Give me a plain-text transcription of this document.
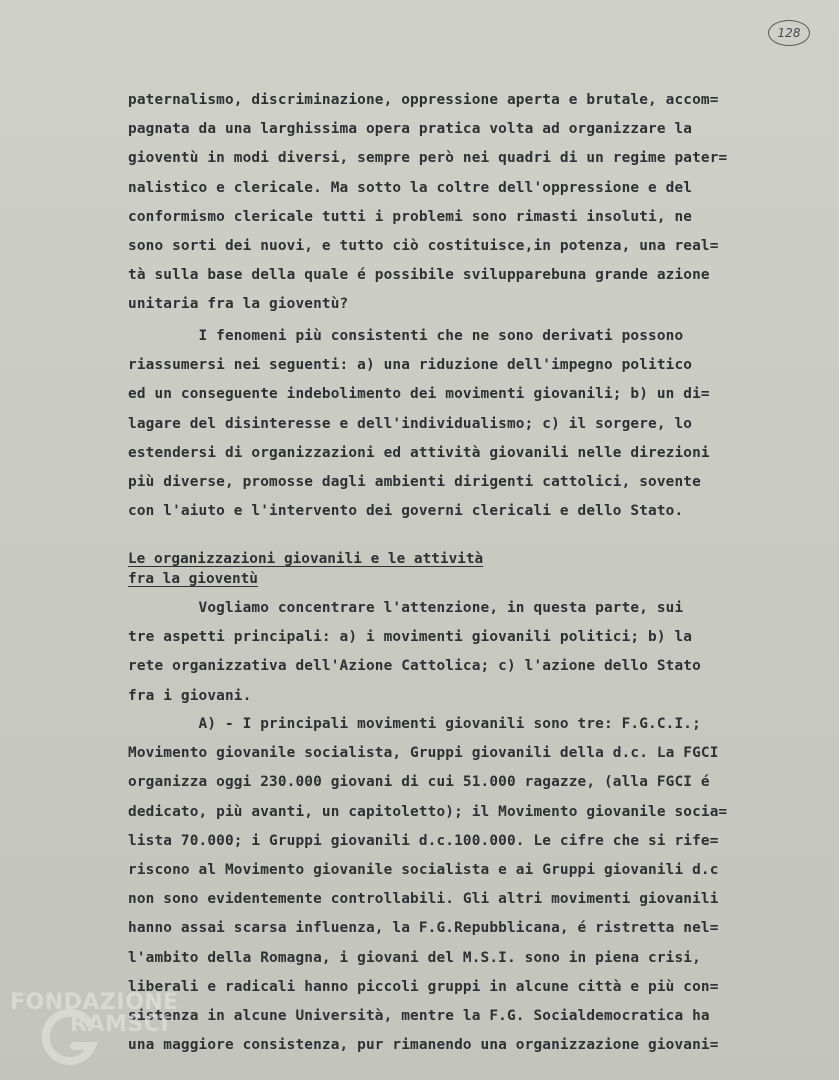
128
paternalismo, discriminazione, oppressione aperta e brutale, accom=
pagnata da una larghissima opera pratica volta ad organizzare la
gioventù in modi diversi, sempre però nei quadri di un regime pater=
nalistico e clericale. Ma sotto la coltre dell'oppressione e del
conformismo clericale tutti i problemi sono rimasti insoluti, ne
sono sorti dei nuovi, e tutto ciò costituisce,in potenza, una real=
tà sulla base della quale é possibile svilupparebuna grande azione
unitaria fra la gioventù?
I fenomeni più consistenti che ne sono derivati possono
riassumersi nei seguenti: a) una riduzione dell'impegno politico
ed un conseguente indebolimento dei movimenti giovanili; b) un di=
lagare del disinteresse e dell'individualismo; c) il sorgere, lo
estendersi di organizzazioni ed attività giovanili nelle direzioni
più diverse, promosse dagli ambienti dirigenti cattolici, sovente
con l'aiuto e l'intervento dei governi clericali e dello Stato.
Le organizzazioni giovanili e le attività
fra la gioventù
Vogliamo concentrare l'attenzione, in questa parte, sui
tre aspetti principali: a) i movimenti giovanili politici; b) la
rete organizzativa dell'Azione Cattolica; c) l'azione dello Stato
fra i giovani.
A) - I principali movimenti giovanili sono tre: F.G.C.I.;
Movimento giovanile socialista, Gruppi giovanili della d.c. La FGCI
organizza oggi 230.000 giovani di cui 51.000 ragazze, (alla FGCI é
dedicato, più avanti, un capitoletto); il Movimento giovanile socia=
lista 70.000; i Gruppi giovanili d.c.100.000. Le cifre che si rife=
riscono al Movimento giovanile socialista e ai Gruppi giovanili d.c
non sono evidentemente controllabili. Gli altri movimenti giovanili
hanno assai scarsa influenza, la F.G.Repubblicana, é ristretta nel=
l'ambito della Romagna, i giovani del M.S.I. sono in piena crisi,
liberali e radicali hanno piccoli gruppi in alcune città e più con=
sistenza in alcune Università, mentre la F.G. Socialdemocratica ha
una maggiore consistenza, pur rimanendo una organizzazione giovani=
FONDAZIONE
RAMSCI
